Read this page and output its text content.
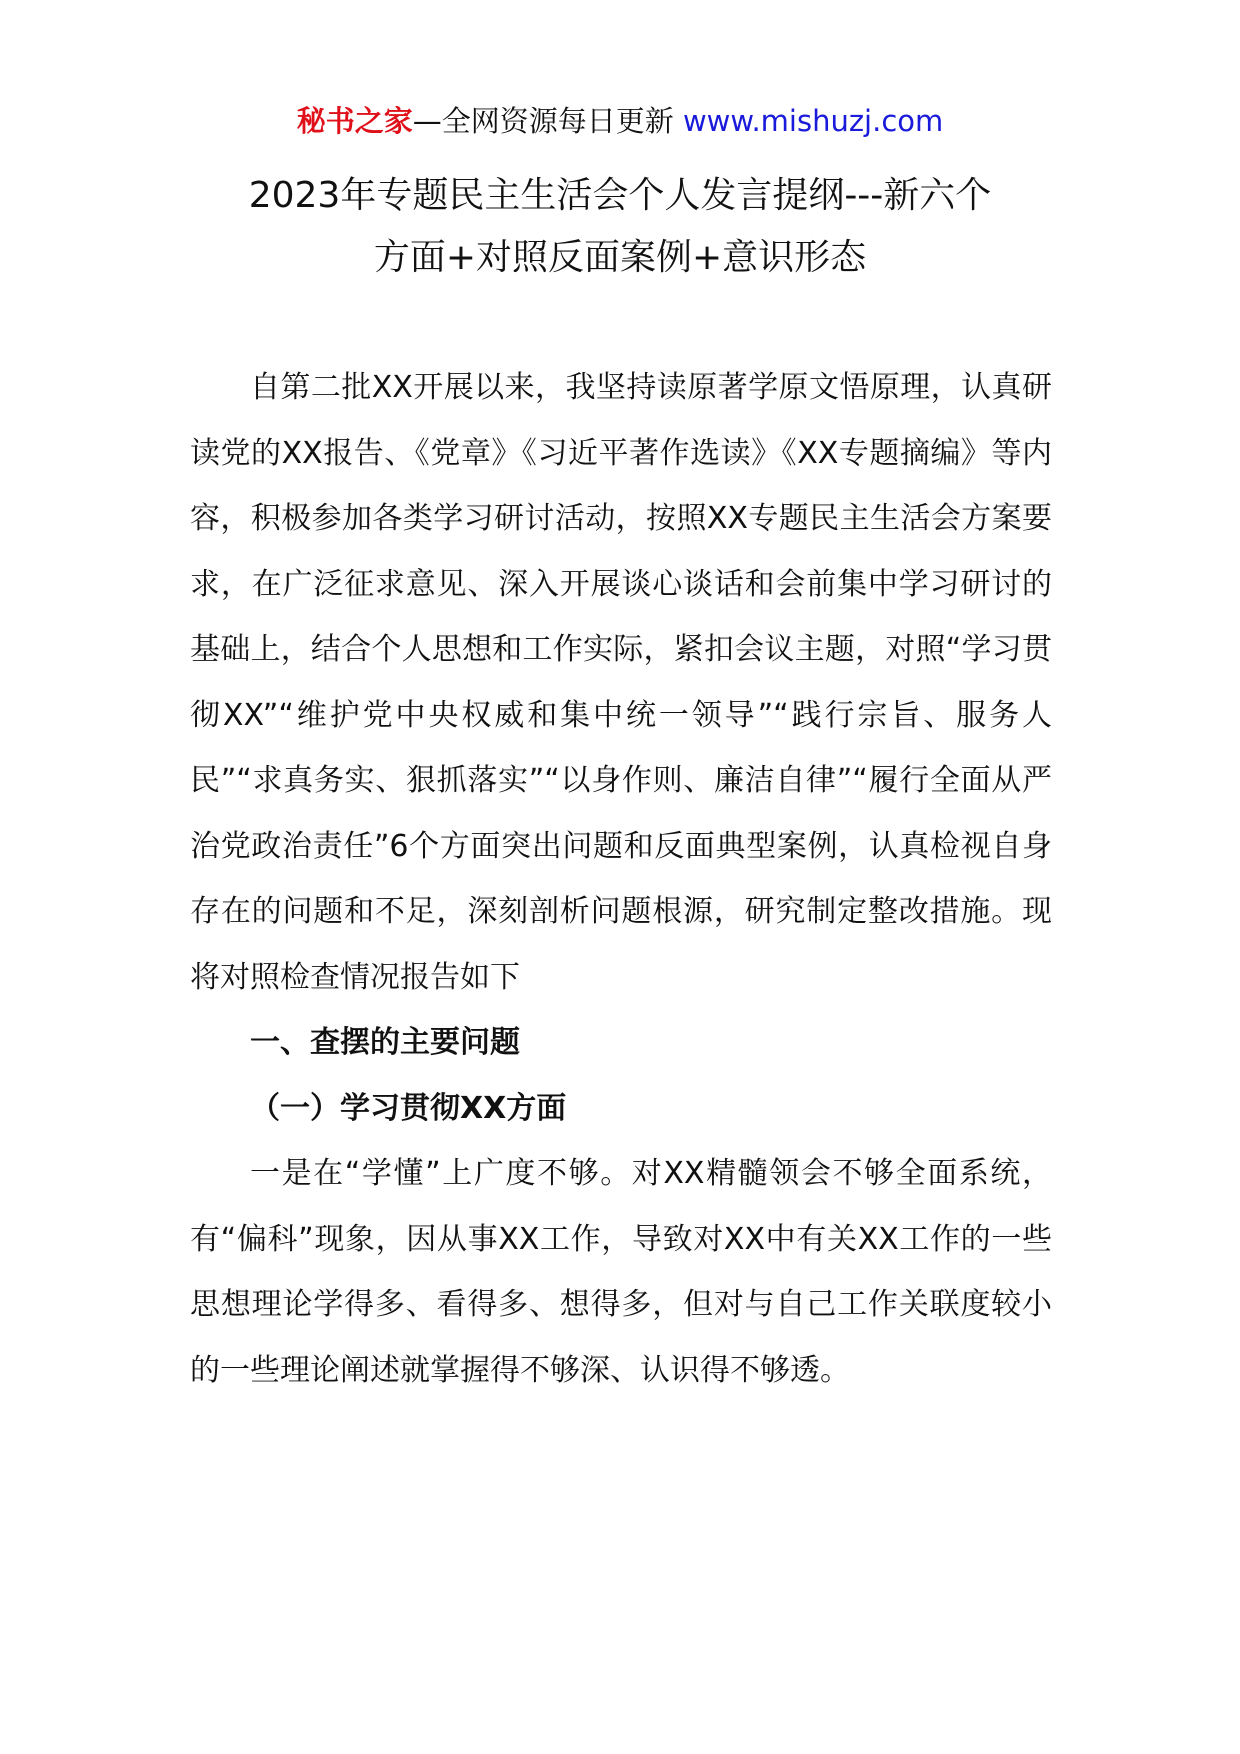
秘书之家—全网资源每日更新 www.mishuzj.com
2023年专题民主生活会个人发言提纲---新六个
方面+对照反面案例+意识形态

自第二批XX开展以来，我坚持读原著学原文悟原理，认真研读党的XX报告、《党章》《习近平著作选读》《XX专题摘编》等内容，积极参加各类学习研讨活动，按照XX专题民主生活会方案要求，在广泛征求意见、深入开展谈心谈话和会前集中学习研讨的基础上，结合个人思想和工作实际，紧扣会议主题，对照“学习贯彻XX”“维护党中央权威和集中统一领导”“践行宗旨、服务人民”“求真务实、狠抓落实”“以身作则、廉洁自律”“履行全面从严治党政治责任”6个方面突出问题和反面典型案例，认真检视自身存在的问题和不足，深刻剖析问题根源，研究制定整改措施。现将对照检查情况报告如下

一、查摆的主要问题

（一）学习贯彻XX方面

一是在“学懂”上广度不够。对XX精髓领会不够全面系统，有“偏科”现象，因从事XX工作，导致对XX中有关XX工作的一些思想理论学得多、看得多、想得多，但对与自己工作关联度较小的一些理论阐述就掌握得不够深、认识得不够透。
